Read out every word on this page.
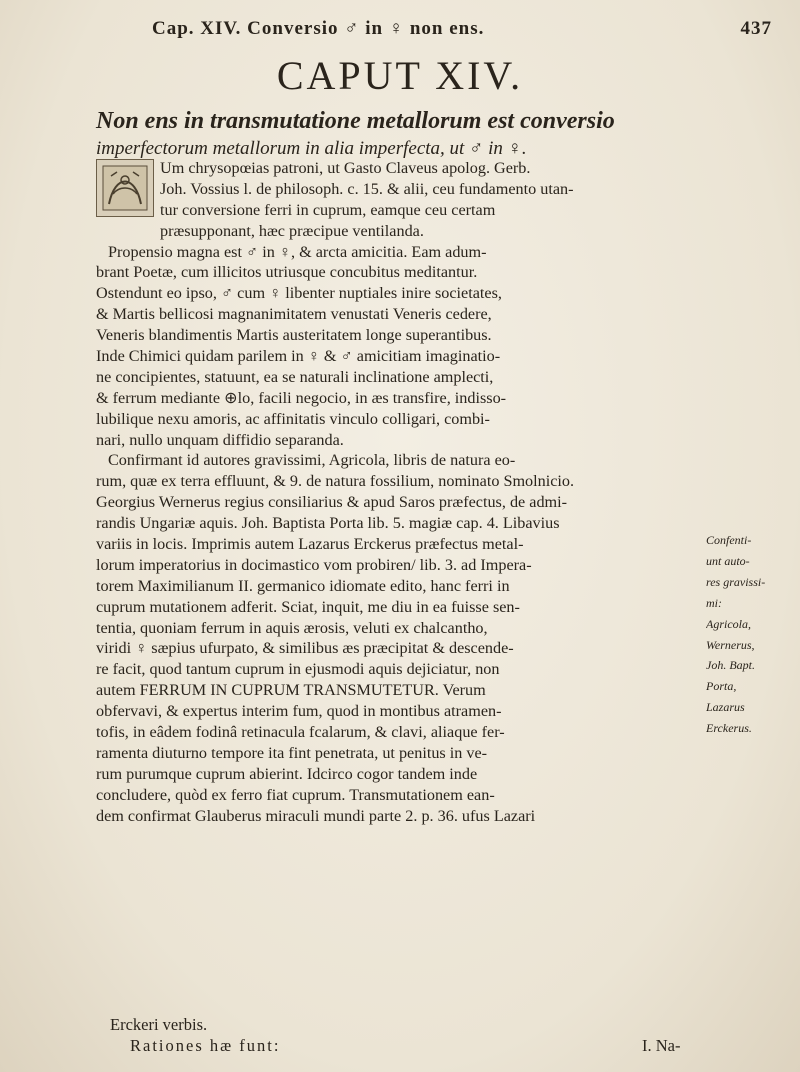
Cap. XIV. Conversio ♂ in ♀ non ens.	437
CAPUT XIV.
Non ens in transmutatione metallorum est conversio
imperfectorum metallorum in alia imperfecta, ut ♂ in ♀.
Um chrysopœias patroni, ut Gasto Claveus apolog. Gerb.
Joh. Vossius l. de philosoph. c. 15. & alii, ceu fundamento utan-
tur conversione ferri in cuprum, eamque ceu certam
præsupponant, hæc præcipue ventilanda.
Propensio magna est ♂ in ♀, & arcta amicitia. Eam adum-
brant Poetæ, cum illicitos utriusque concubitus meditantur.
Ostendunt eo ipso, ♂ cum ♀ libenter nuptiales inire societates,
& Martis bellicosi magnanimitatem venustati Veneris cedere,
Veneris blandimentis Martis austeritatem longe superantibus.
Inde Chimici quidam parilem in ♀ & ♂ amicitiam imaginatio-
ne concipientes, statuunt, ea se naturali inclinatione amplecti,
& ferrum mediante ⊕lo, facili negocio, in æs transfire, indisso-
lubilique nexu amoris, ac affinitatis vinculo colligari, combi-
nari, nullo unquam diffidio separanda.
Confirmant id autores gravissimi, Agricola, libris de natura eo-
rum, quæ ex terra effluunt, & 9. de natura fossilium, nominato Smolnicio.
Georgius Wernerus regius consiliarius & apud Saros præfectus, de admi-
randis Ungariæ aquis. Joh. Baptista Porta lib. 5. magiæ cap. 4. Libavius
variis in locis. Imprimis autem Lazarus Erckerus præfectus metal-
lorum imperatorius in docimastico vom probiren/ lib. 3. ad Impera-
torem Maximilianum II. germanico idiomate edito, hanc ferri in
cuprum mutationem adferit. Sciat, inquit, me diu in ea fuisse sen-
tentia, quoniam ferrum in aquis ærosis, veluti ex chalcantho,
viridi ♀ sæpius ufurpato, & similibus æs præcipitat & descende-
re facit, quod tantum cuprum in ejusmodi aquis dejiciatur, non
autem FERRUM IN CUPRUM TRANSMUTETUR. Verum
obfervavi, & expertus interim fum, quod in montibus atramen-
tofis, in eâdem fodinâ retinacula fcalarum, & clavi, aliaque fer-
ramenta diuturno tempore ita fint penetrata, ut penitus in ve-
rum purumque cuprum abierint. Idcirco cogor tandem inde
concludere, quòd ex ferro fiat cuprum. Transmutationem ean-
dem confirmat Glauberus miraculi mundi parte 2. p. 36. ufus Lazari
Confenti-
unt auto-
res gravissi-
mi:
Agricola,
Wernerus,
Joh. Bapt.
Porta,
Lazarus
Erckerus.
Erckeri verbis.
Rationes hæ funt:	I. Na-
